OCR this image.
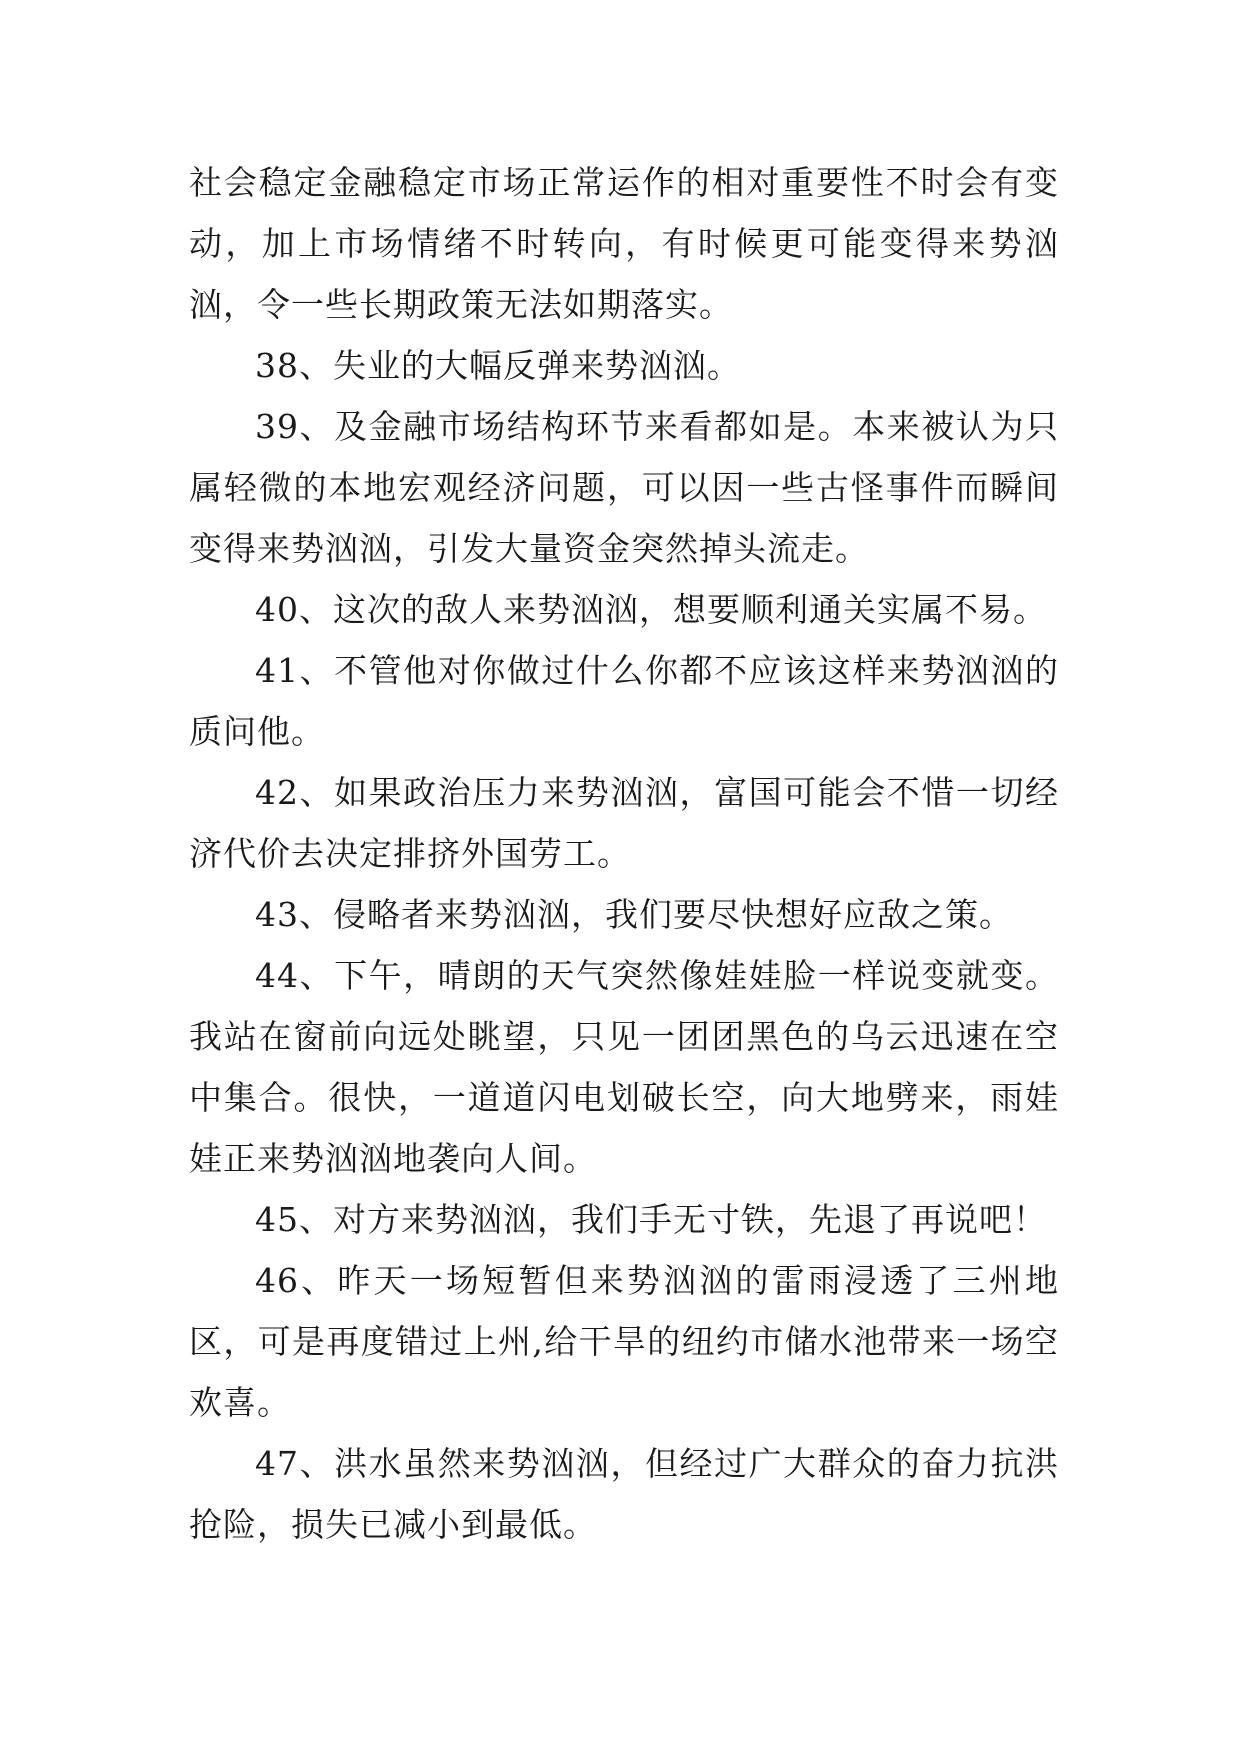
社会稳定金融稳定市场正常运作的相对重要性不时会有变动，加上市场情绪不时转向，有时候更可能变得来势汹汹，令一些长期政策无法如期落实。

38、失业的大幅反弹来势汹汹。

39、及金融市场结构环节来看都如是。本来被认为只属轻微的本地宏观经济问题，可以因一些古怪事件而瞬间变得来势汹汹，引发大量资金突然掉头流走。

40、这次的敌人来势汹汹，想要顺利通关实属不易。

41、不管他对你做过什么你都不应该这样来势汹汹的质问他。

42、如果政治压力来势汹汹，富国可能会不惜一切经济代价去决定排挤外国劳工。

43、侵略者来势汹汹，我们要尽快想好应敌之策。

44、下午，晴朗的天气突然像娃娃脸一样说变就变。我站在窗前向远处眺望，只见一团团黑色的乌云迅速在空中集合。很快，一道道闪电划破长空，向大地劈来，雨娃娃正来势汹汹地袭向人间。

45、对方来势汹汹，我们手无寸铁，先退了再说吧！

46、昨天一场短暂但来势汹汹的雷雨浸透了三州地区，可是再度错过上州,给干旱的纽约市储水池带来一场空欢喜。

47、洪水虽然来势汹汹，但经过广大群众的奋力抗洪抢险，损失已减小到最低。
